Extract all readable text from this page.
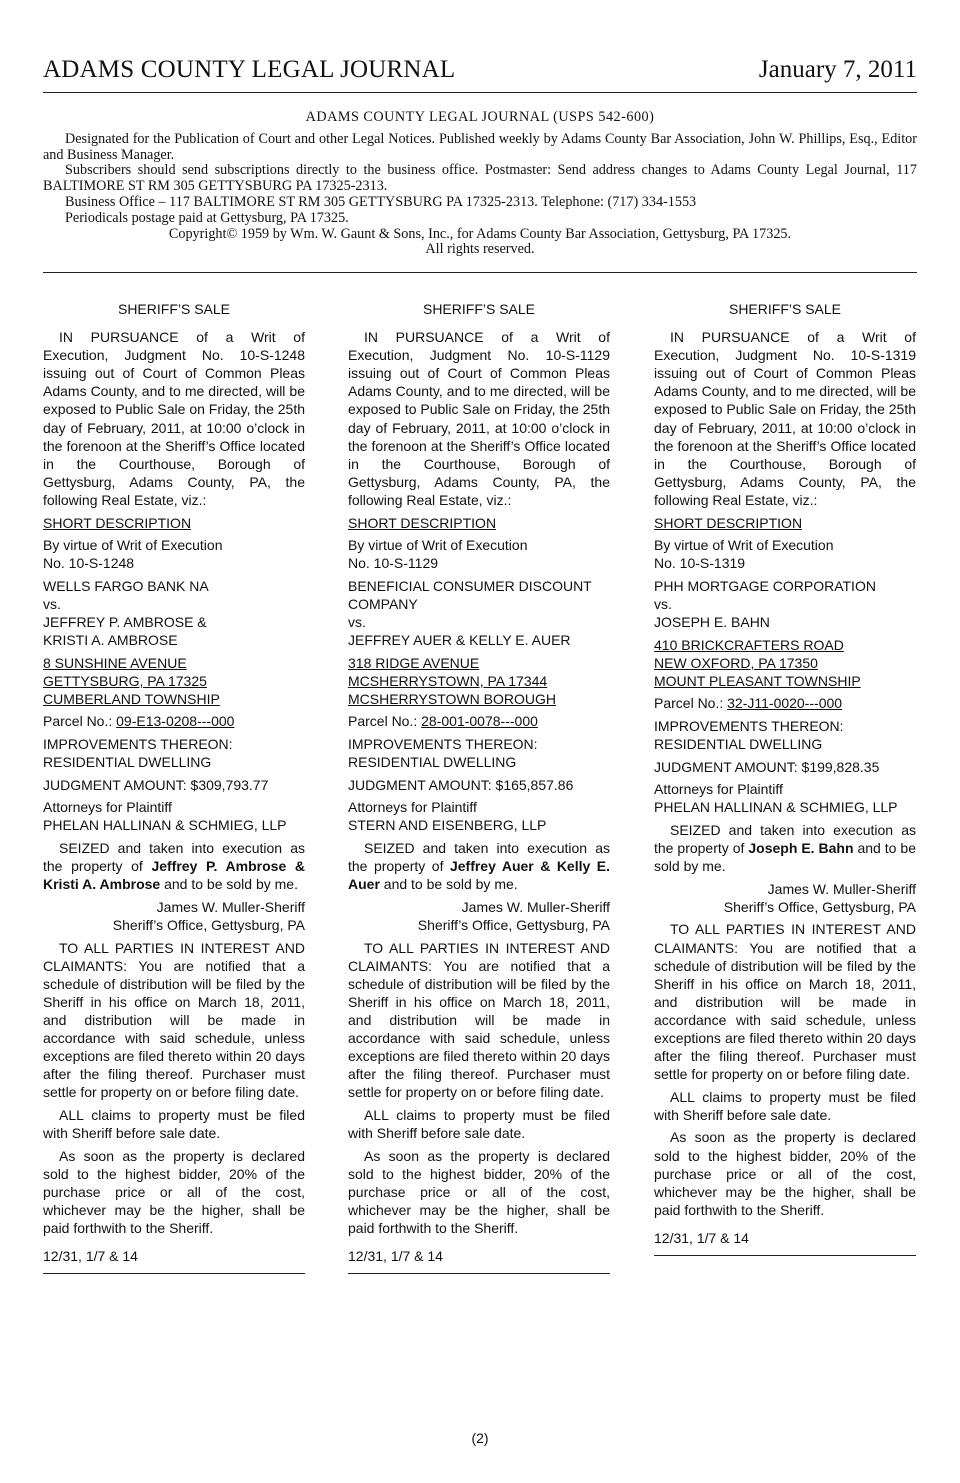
ADAMS COUNTY LEGAL JOURNAL	January 7, 2011

ADAMS COUNTY LEGAL JOURNAL (USPS 542-600)

Designated for the Publication of Court and other Legal Notices. Published weekly by Adams County Bar Association, John W. Phillips, Esq., Editor and Business Manager.

Subscribers should send subscriptions directly to the business office. Postmaster: Send address changes to Adams County Legal Journal, 117 BALTIMORE ST RM 305 GETTYSBURG PA 17325-2313.

Business Office – 117 BALTIMORE ST RM 305 GETTYSBURG PA 17325-2313. Telephone: (717) 334-1553

Periodicals postage paid at Gettysburg, PA 17325.

Copyright© 1959 by Wm. W. Gaunt & Sons, Inc., for Adams County Bar Association, Gettysburg, PA 17325.

All rights reserved.

SHERIFF’S SALE

IN PURSUANCE of a Writ of Execution, Judgment No. 10-S-1248 issuing out of Court of Common Pleas Adams County, and to me directed, will be exposed to Public Sale on Friday, the 25th day of February, 2011, at 10:00 o’clock in the forenoon at the Sheriff’s Office located in the Courthouse, Borough of Gettysburg, Adams County, PA, the following Real Estate, viz.:

SHORT DESCRIPTION

By virtue of Writ of Execution

No. 10-S-1248

WELLS FARGO BANK NA

vs.

JEFFREY P. AMBROSE &

KRISTI A. AMBROSE

8 SUNSHINE AVENUE

GETTYSBURG, PA 17325

CUMBERLAND TOWNSHIP

Parcel No.: 09-E13-0208---000

IMPROVEMENTS THEREON:

RESIDENTIAL DWELLING

JUDGMENT AMOUNT: $309,793.77

Attorneys for Plaintiff

PHELAN HALLINAN & SCHMIEG, LLP

SEIZED and taken into execution as the property of Jeffrey P. Ambrose & Kristi A. Ambrose and to be sold by me.

James W. Muller-Sheriff

Sheriff’s Office, Gettysburg, PA

TO ALL PARTIES IN INTEREST AND CLAIMANTS: You are notified that a schedule of distribution will be filed by the Sheriff in his office on March 18, 2011, and distribution will be made in accordance with said schedule, unless exceptions are filed thereto within 20 days after the filing thereof. Purchaser must settle for property on or before filing date.

ALL claims to property must be filed with Sheriff before sale date.

As soon as the property is declared sold to the highest bidder, 20% of the purchase price or all of the cost, whichever may be the higher, shall be paid forthwith to the Sheriff.

12/31, 1/7 & 14

SHERIFF’S SALE

IN PURSUANCE of a Writ of Execution, Judgment No. 10-S-1129 issuing out of Court of Common Pleas Adams County, and to me directed, will be exposed to Public Sale on Friday, the 25th day of February, 2011, at 10:00 o’clock in the forenoon at the Sheriff’s Office located in the Courthouse, Borough of Gettysburg, Adams County, PA, the following Real Estate, viz.:

SHORT DESCRIPTION

By virtue of Writ of Execution

No. 10-S-1129

BENEFICIAL CONSUMER DISCOUNT

COMPANY

vs.

JEFFREY AUER & KELLY E. AUER

318 RIDGE AVENUE

MCSHERRYSTOWN, PA 17344

MCSHERRYSTOWN BOROUGH

Parcel No.: 28-001-0078---000

IMPROVEMENTS THEREON:

RESIDENTIAL DWELLING

JUDGMENT AMOUNT: $165,857.86

Attorneys for Plaintiff

STERN AND EISENBERG, LLP

SEIZED and taken into execution as the property of Jeffrey Auer & Kelly E. Auer and to be sold by me.

James W. Muller-Sheriff

Sheriff’s Office, Gettysburg, PA

TO ALL PARTIES IN INTEREST AND CLAIMANTS: You are notified that a schedule of distribution will be filed by the Sheriff in his office on March 18, 2011, and distribution will be made in accordance with said schedule, unless exceptions are filed thereto within 20 days after the filing thereof. Purchaser must settle for property on or before filing date.

ALL claims to property must be filed with Sheriff before sale date.

As soon as the property is declared sold to the highest bidder, 20% of the purchase price or all of the cost, whichever may be the higher, shall be paid forthwith to the Sheriff.

12/31, 1/7 & 14

SHERIFF’S SALE

IN PURSUANCE of a Writ of Execution, Judgment No. 10-S-1319 issuing out of Court of Common Pleas Adams County, and to me directed, will be exposed to Public Sale on Friday, the 25th day of February, 2011, at 10:00 o’clock in the forenoon at the Sheriff’s Office located in the Courthouse, Borough of Gettysburg, Adams County, PA, the following Real Estate, viz.:

SHORT DESCRIPTION

By virtue of Writ of Execution

No. 10-S-1319

PHH MORTGAGE CORPORATION

vs.

JOSEPH E. BAHN

410 BRICKCRAFTERS ROAD

NEW OXFORD, PA 17350

MOUNT PLEASANT TOWNSHIP

Parcel No.: 32-J11-0020---000

IMPROVEMENTS THEREON:

RESIDENTIAL DWELLING

JUDGMENT AMOUNT: $199,828.35

Attorneys for Plaintiff

PHELAN HALLINAN & SCHMIEG, LLP

SEIZED and taken into execution as the property of Joseph E. Bahn and to be sold by me.

James W. Muller-Sheriff

Sheriff’s Office, Gettysburg, PA

TO ALL PARTIES IN INTEREST AND CLAIMANTS: You are notified that a schedule of distribution will be filed by the Sheriff in his office on March 18, 2011, and distribution will be made in accordance with said schedule, unless exceptions are filed thereto within 20 days after the filing thereof. Purchaser must settle for property on or before filing date.

ALL claims to property must be filed with Sheriff before sale date.

As soon as the property is declared sold to the highest bidder, 20% of the purchase price or all of the cost, whichever may be the higher, shall be paid forthwith to the Sheriff.

12/31, 1/7 & 14

(2)
